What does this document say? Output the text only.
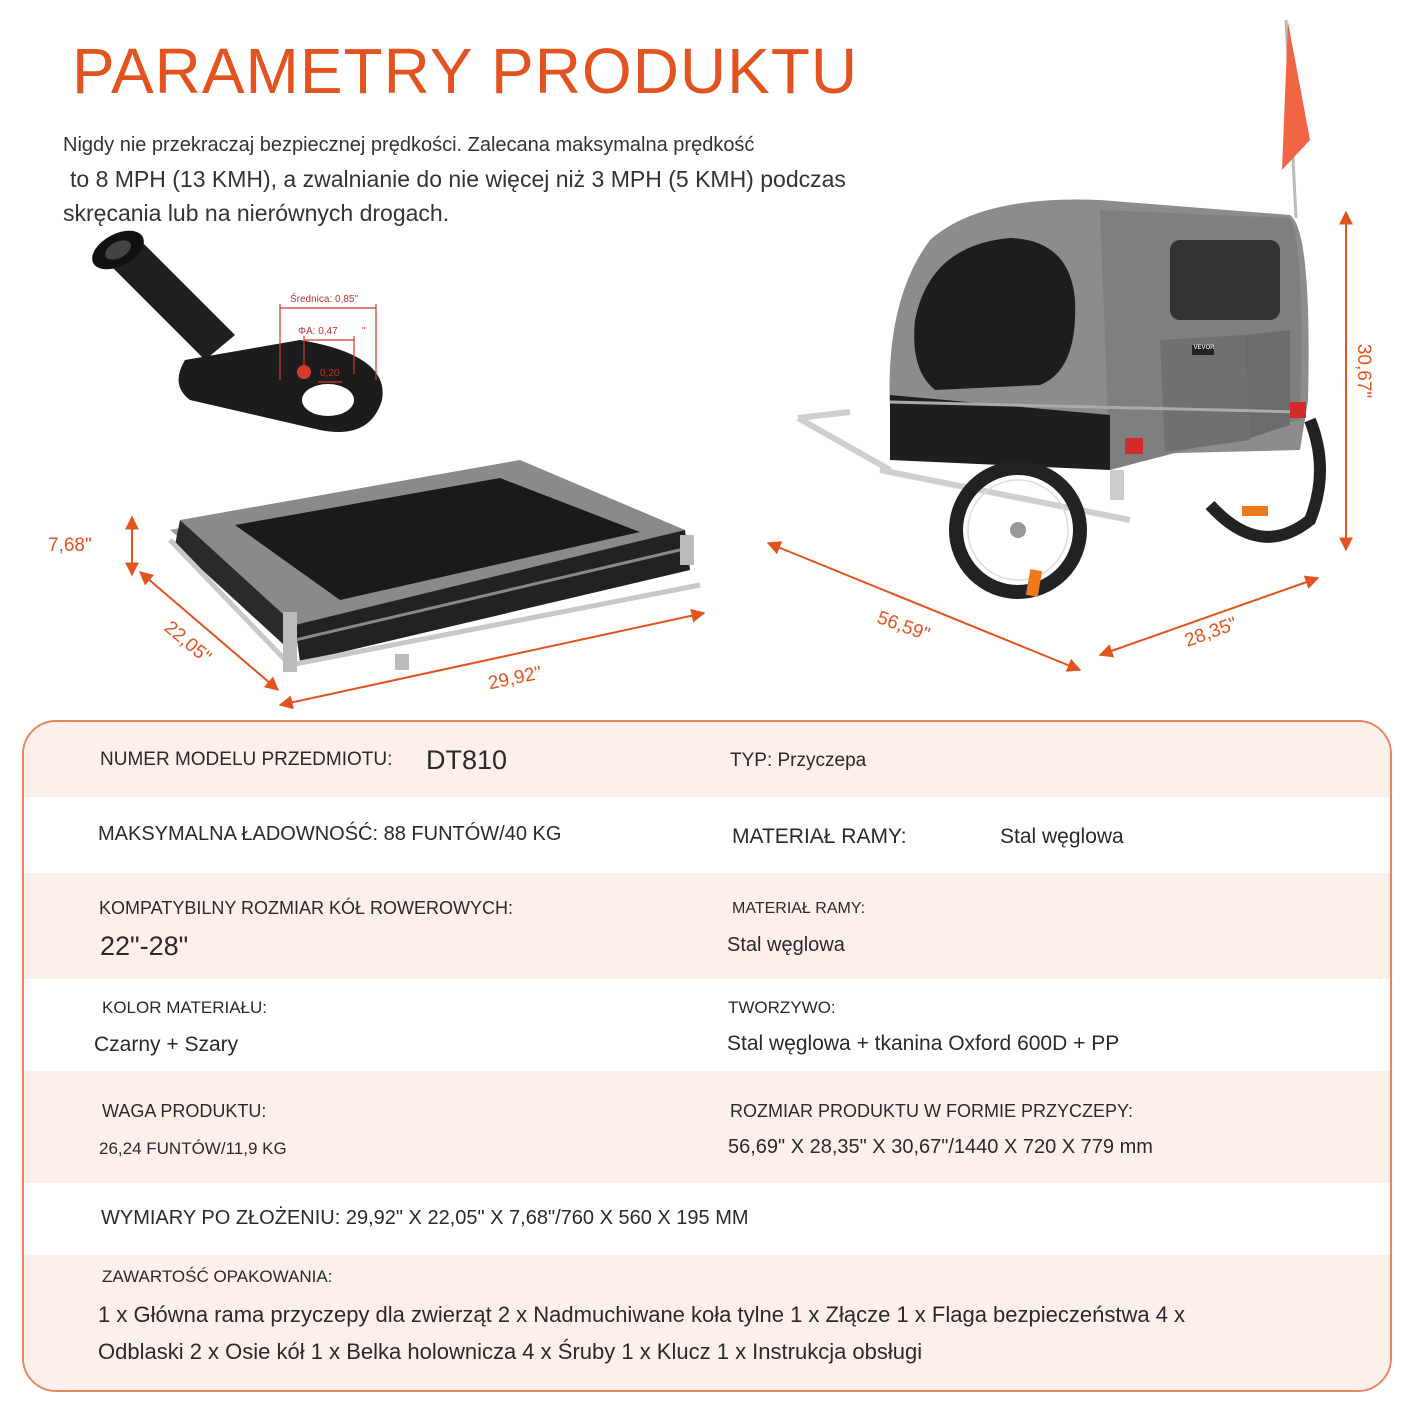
PARAMETRY PRODUKTU
Nigdy nie przekraczaj bezpiecznej prędkości. Zalecana maksymalna prędkość
to 8 MPH (13 KMH), a zwalnianie do nie więcej niż 3 MPH (5 KMH) podczas
skręcania lub na nierównych drogach.
Średnica: 0,85"
ΦA: 0,47 "
0,20
7,68"
22,05"
29,92"
30,67"
56,59"	28,35"
VEVOR
NUMER MODELU PRZEDMIOTU: DT810	TYP: Przyczepa
MAKSYMALNA ŁADOWNOŚĆ: 88 FUNTÓW/40 KG	MATERIAŁ RAMY:	Stal węglowa
KOMPATYBILNY ROZMIAR KÓŁ ROWEROWYCH:
22"-28"
MATERIAŁ RAMY:
Stal węglowa
KOLOR MATERIAŁU:
Czarny + Szary
TWORZYWO:
Stal węglowa + tkanina Oxford 600D + PP
WAGA PRODUKTU:
26,24 FUNTÓW/11,9 KG
ROZMIAR PRODUKTU W FORMIE PRZYCZEPY:
56,69" X 28,35" X 30,67"/1440 X 720 X 779 mm
WYMIARY PO ZŁOŻENIU: 29,92" X 22,05" X 7,68"/760 X 560 X 195 MM
ZAWARTOŚĆ OPAKOWANIA:
1 x Główna rama przyczepy dla zwierząt 2 x Nadmuchiwane koła tylne 1 x Złącze 1 x Flaga bezpieczeństwa 4 x
Odblaski 2 x Osie kół 1 x Belka holownicza 4 x Śruby 1 x Klucz 1 x Instrukcja obsługi
